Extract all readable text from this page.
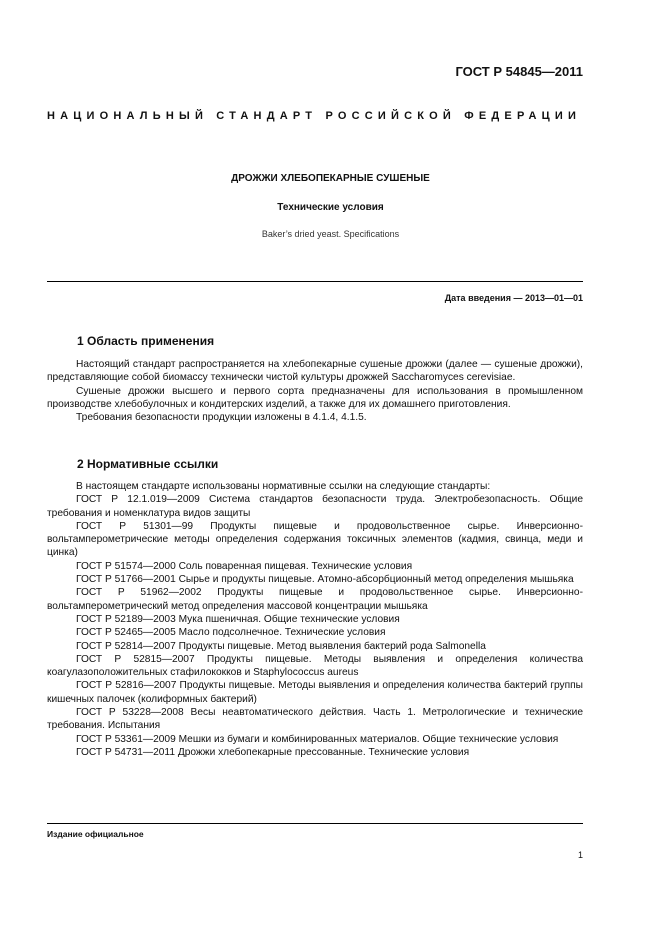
ГОСТ Р 54845—2011
НАЦИОНАЛЬНЫЙ СТАНДАРТ РОССИЙСКОЙ ФЕДЕРАЦИИ
ДРОЖЖИ ХЛЕБОПЕКАРНЫЕ СУШЕНЫЕ
Технические условия
Baker’s dried yeast. Specifications
Дата введения — 2013—01—01
1 Область применения

Настоящий стандарт распространяется на хлебопекарные сушеные дрожжи (далее — сушеные дрожжи), представляющие собой биомассу технически чистой культуры дрожжей Saccharomyces cerevisiae.

Сушеные дрожжи высшего и первого сорта предназначены для использования в промышленном производстве хлебобулочных и кондитерских изделий, а также для их домашнего приготовления.

Требования безопасности продукции изложены в 4.1.4, 4.1.5.

2 Нормативные ссылки

В настоящем стандарте использованы нормативные ссылки на следующие стандарты:

ГОСТ Р 12.1.019—2009 Система стандартов безопасности труда. Электробезопасность. Общие требования и номенклатура видов защиты

ГОСТ Р 51301—99 Продукты пищевые и продовольственное сырье. Инверсионно-вольтамперометрические методы определения содержания токсичных элементов (кадмия, свинца, меди и цинка)

ГОСТ Р 51574—2000 Соль поваренная пищевая. Технические условия

ГОСТ Р 51766—2001 Сырье и продукты пищевые. Атомно-абсорбционный метод определения мышьяка

ГОСТ Р 51962—2002 Продукты пищевые и продовольственное сырье. Инверсионно-вольтамперометрический метод определения массовой концентрации мышьяка

ГОСТ Р 52189—2003 Мука пшеничная. Общие технические условия

ГОСТ Р 52465—2005 Масло подсолнечное. Технические условия

ГОСТ Р 52814—2007 Продукты пищевые. Метод выявления бактерий рода Salmonella

ГОСТ Р 52815—2007 Продукты пищевые. Методы выявления и определения количества коагулазоположительных стафилококков и Staphylococcus aureus

ГОСТ Р 52816—2007 Продукты пищевые. Методы выявления и определения количества бактерий группы кишечных палочек (колиформных бактерий)

ГОСТ Р 53228—2008 Весы неавтоматического действия. Часть 1. Метрологические и технические требования. Испытания

ГОСТ Р 53361—2009 Мешки из бумаги и комбинированных материалов. Общие технические условия

ГОСТ Р 54731—2011 Дрожжи хлебопекарные прессованные. Технические условия

Издание официальное
1
